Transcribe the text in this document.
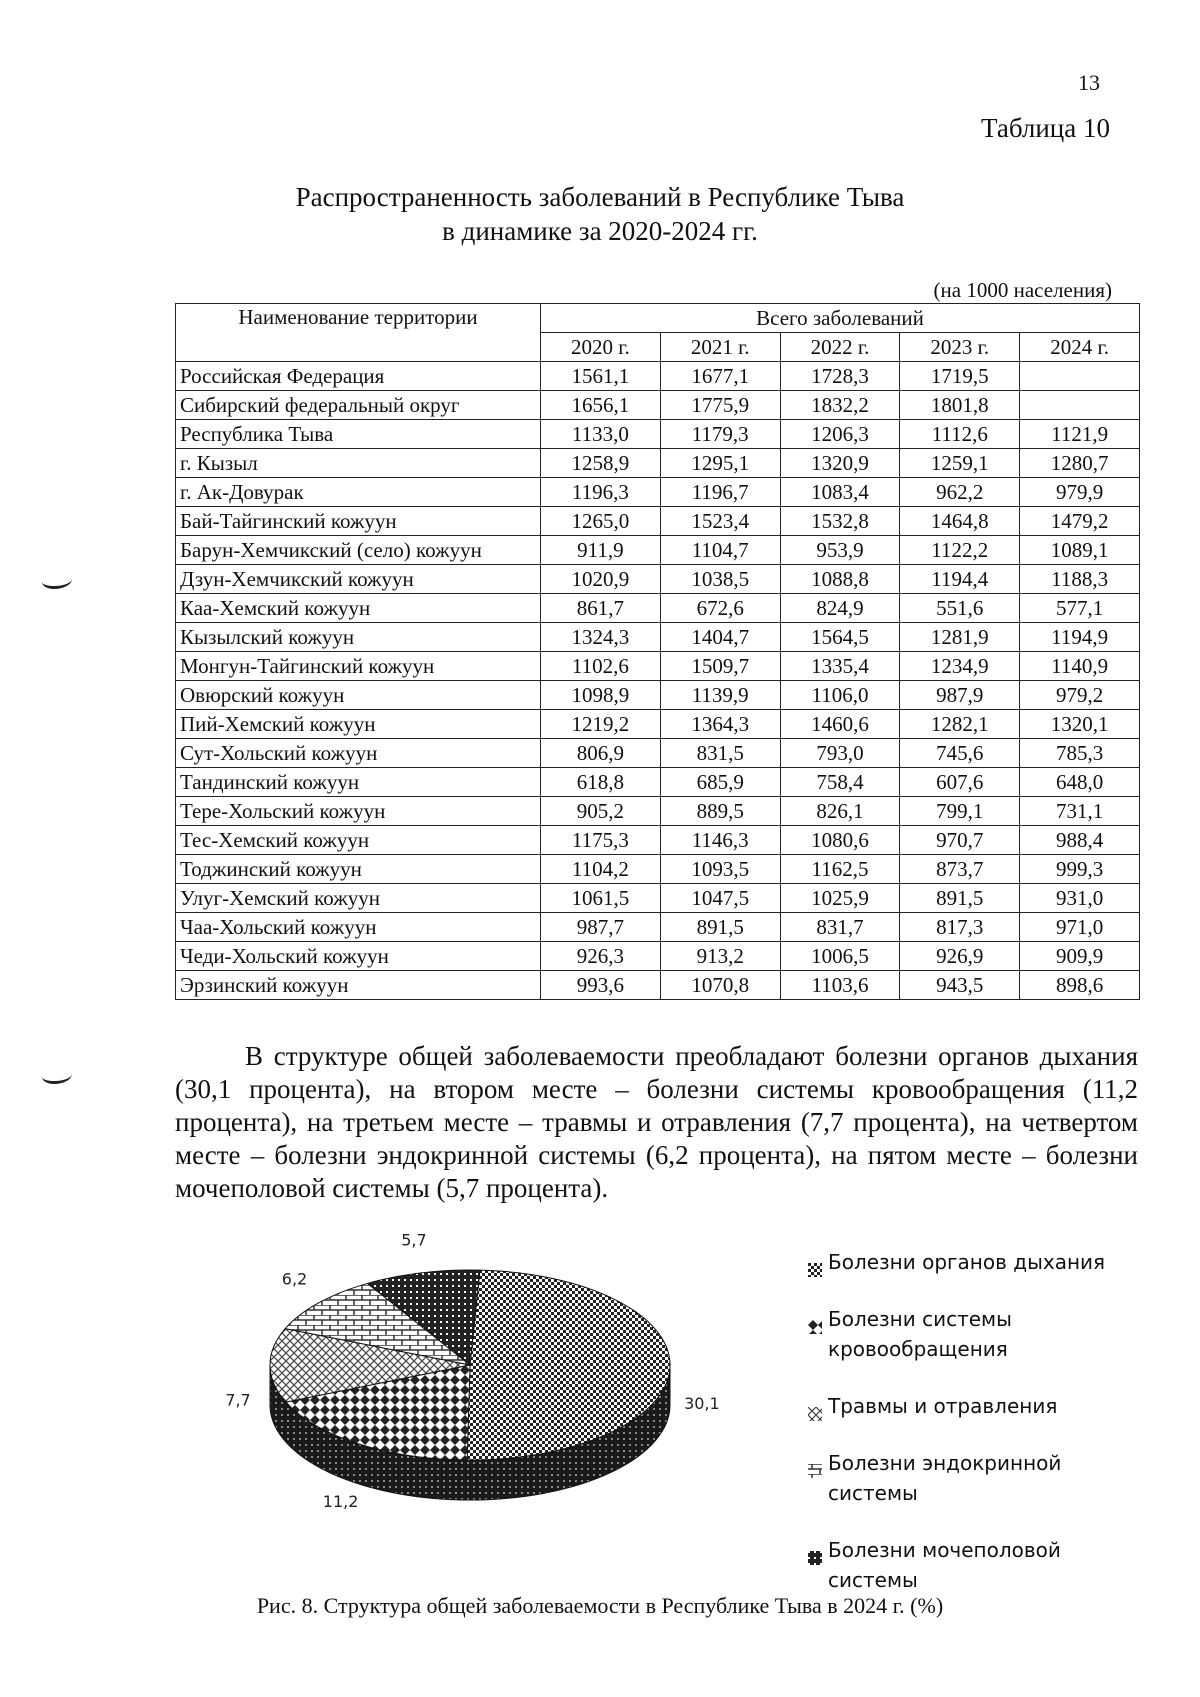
13
Таблица 10
Распространенность заболеваний в Республике Тыва
в динамике за 2020-2024 гг.
(на 1000 населения)
Наименование территории	Всего заболеваний				
	2020 г.	2021 г.	2022 г.	2023 г.	2024 г.
Российская Федерация	1561,1	1677,1	1728,3	1719,5	
Сибирский федеральный округ	1656,1	1775,9	1832,2	1801,8	
Республика Тыва	1133,0	1179,3	1206,3	1112,6	1121,9
г. Кызыл	1258,9	1295,1	1320,9	1259,1	1280,7
г. Ак-Довурак	1196,3	1196,7	1083,4	962,2	979,9
Бай-Тайгинский кожуун	1265,0	1523,4	1532,8	1464,8	1479,2
Барун-Хемчикский (село) кожуун	911,9	1104,7	953,9	1122,2	1089,1
Дзун-Хемчикский кожуун	1020,9	1038,5	1088,8	1194,4	1188,3
Каа-Хемский кожуун	861,7	672,6	824,9	551,6	577,1
Кызылский кожуун	1324,3	1404,7	1564,5	1281,9	1194,9
Монгун-Тайгинский кожуун	1102,6	1509,7	1335,4	1234,9	1140,9
Овюрский кожуун	1098,9	1139,9	1106,0	987,9	979,2
Пий-Хемский кожуун	1219,2	1364,3	1460,6	1282,1	1320,1
Сут-Хольский кожуун	806,9	831,5	793,0	745,6	785,3
Тандинский кожуун	618,8	685,9	758,4	607,6	648,0
Тере-Хольский кожуун	905,2	889,5	826,1	799,1	731,1
Тес-Хемский кожуун	1175,3	1146,3	1080,6	970,7	988,4
Тоджинский кожуун	1104,2	1093,5	1162,5	873,7	999,3
Улуг-Хемский кожуун	1061,5	1047,5	1025,9	891,5	931,0
Чаа-Хольский кожуун	987,7	891,5	831,7	817,3	971,0
Чеди-Хольский кожуун	926,3	913,2	1006,5	926,9	909,9
Эрзинский кожуун	993,6	1070,8	1103,6	943,5	898,6

В структуре общей заболеваемости преобладают болезни органов дыхания (30,1 процента), на втором месте – болезни системы кровообращения (11,2 процента), на третьем месте – травмы и отравления (7,7 процента), на четвертом месте – болезни эндокринной системы (6,2 процента), на пятом месте – болезни мочеполовой системы (5,7 процента).

30,1
11,2
7,7
6,2
5,7
Болезни органов дыхания
Болезни системы кровообращения
Травмы и отравления
Болезни эндокринной системы
Болезни мочеполовой системы
Рис. 8. Структура общей заболеваемости в Республике Тыва в 2024 г. (%)
